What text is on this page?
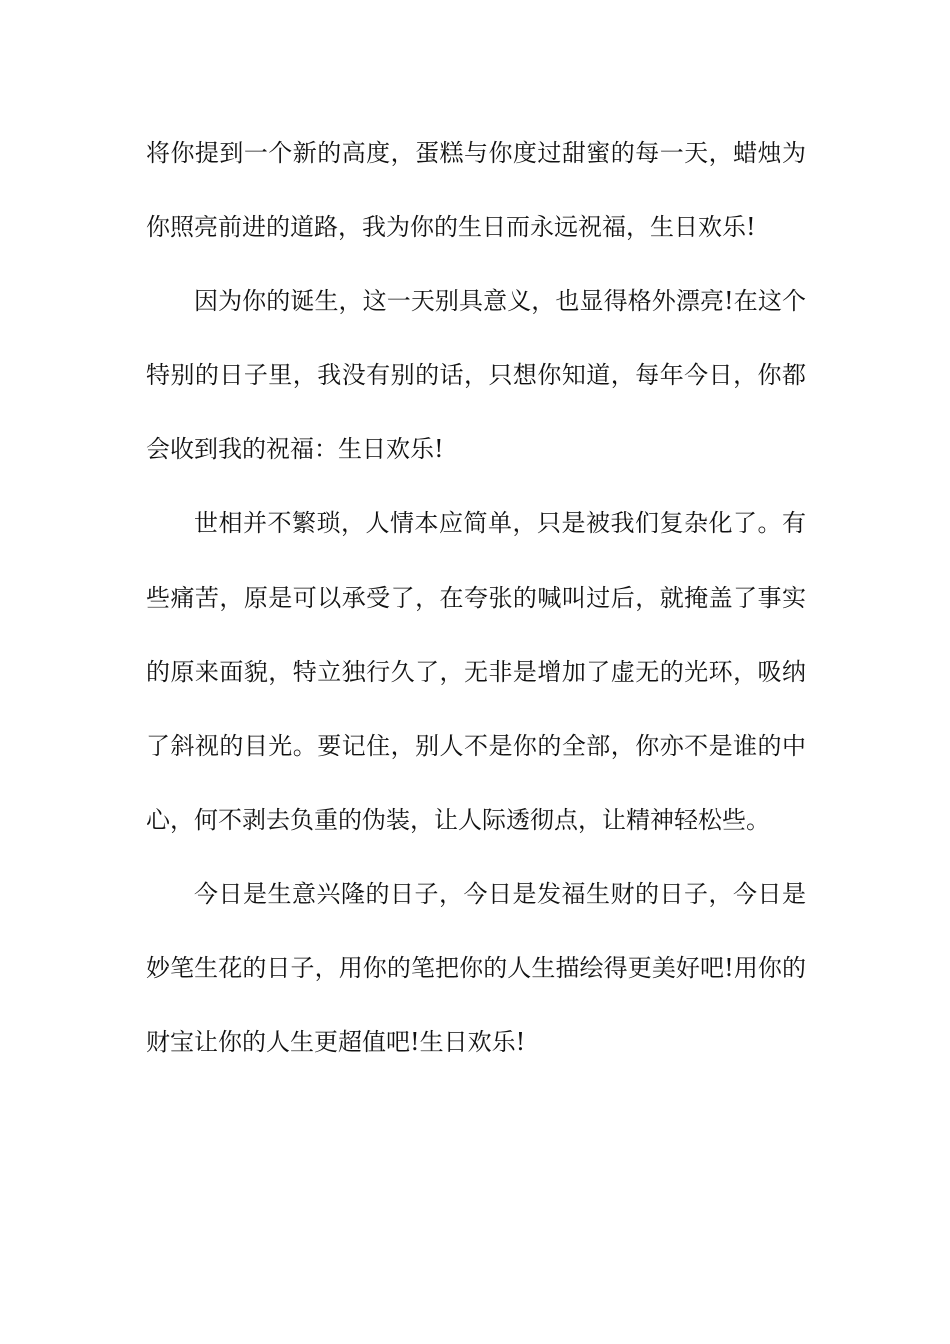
将你提到一个新的高度，蛋糕与你度过甜蜜的每一天，蜡烛为
你照亮前进的道路，我为你的生日而永远祝福，生日欢乐!
因为你的诞生，这一天别具意义，也显得格外漂亮!在这个
特别的日子里，我没有别的话，只想你知道，每年今日，你都
会收到我的祝福：生日欢乐!
世相并不繁琐，人情本应简单，只是被我们复杂化了。有
些痛苦，原是可以承受了，在夸张的喊叫过后，就掩盖了事实
的原来面貌，特立独行久了，无非是增加了虚无的光环，吸纳
了斜视的目光。要记住，别人不是你的全部，你亦不是谁的中
心，何不剥去负重的伪装，让人际透彻点，让精神轻松些。
今日是生意兴隆的日子，今日是发福生财的日子，今日是
妙笔生花的日子，用你的笔把你的人生描绘得更美好吧!用你的
财宝让你的人生更超值吧!生日欢乐!
